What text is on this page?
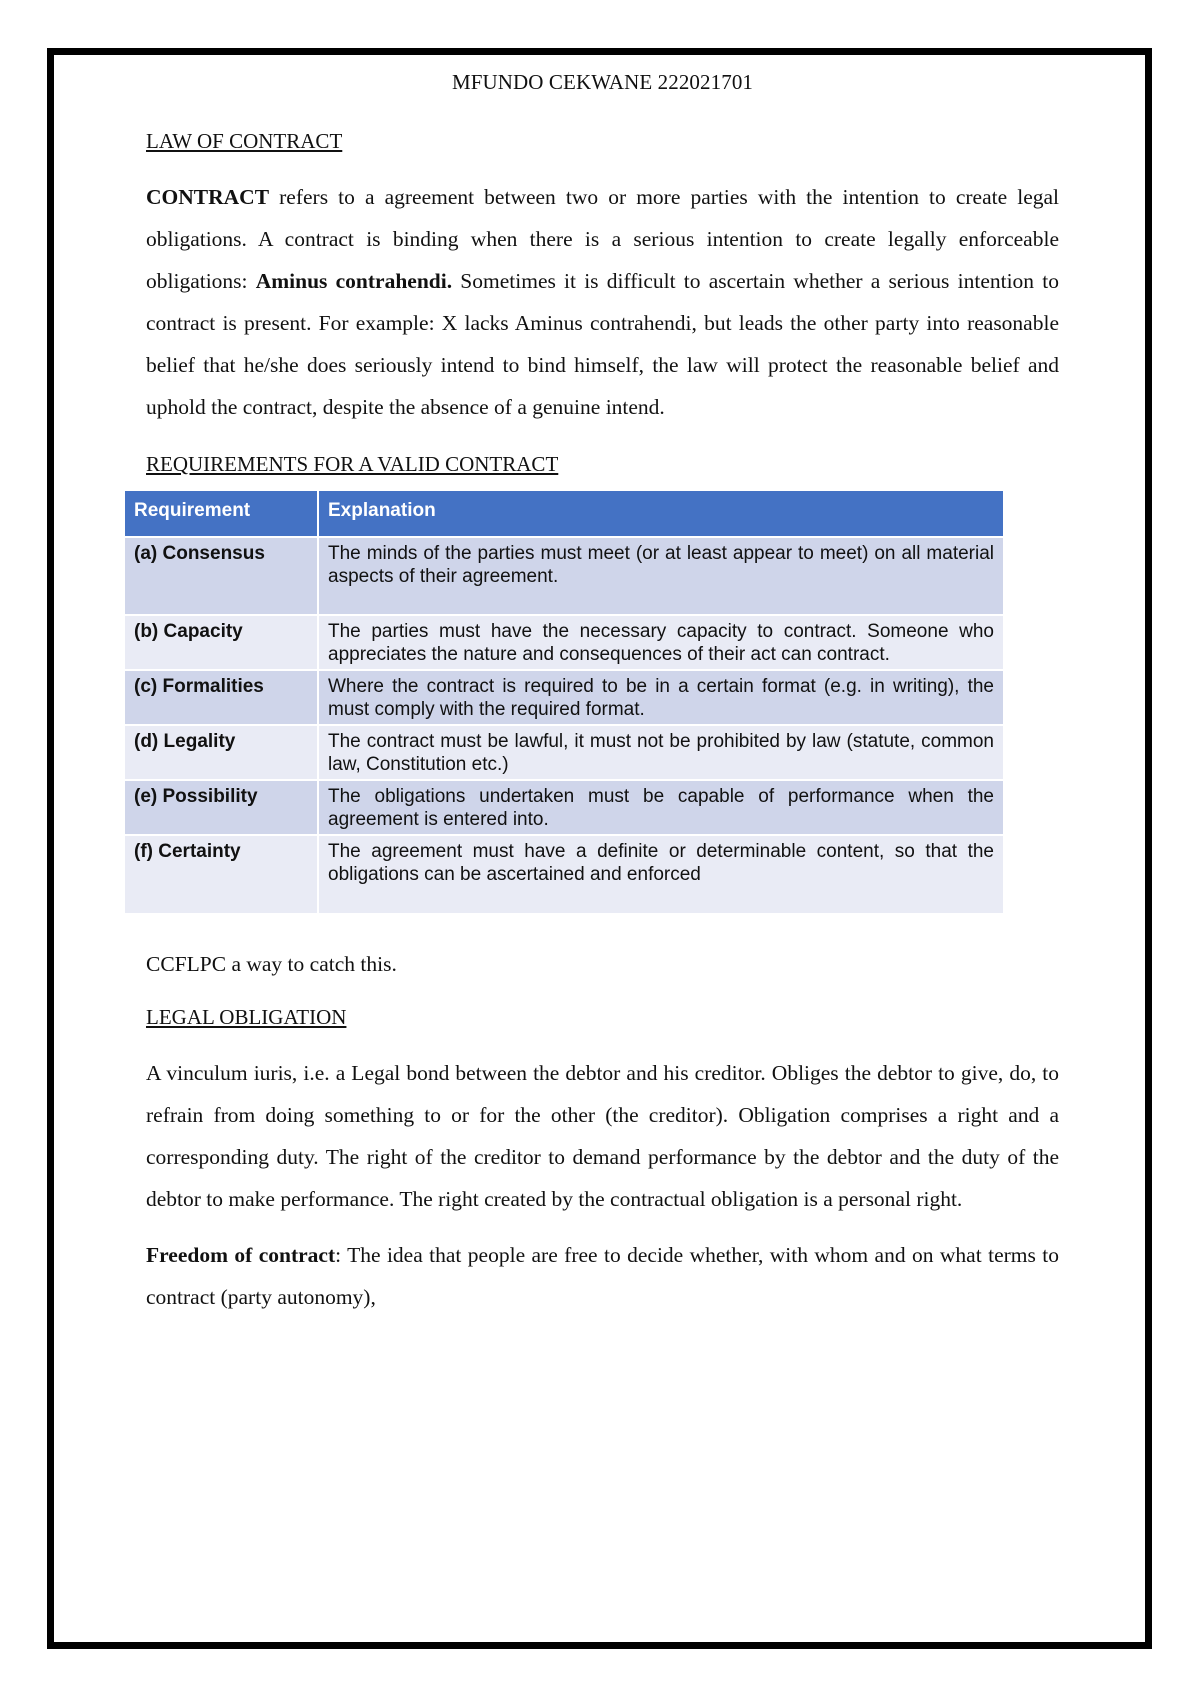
MFUNDO CEKWANE 222021701
LAW OF CONTRACT

CONTRACT refers to a agreement between two or more parties with the intention to create legal obligations. A contract is binding when there is a serious intention to create legally enforceable obligations: Aminus contrahendi. Sometimes it is difficult to ascertain whether a serious intention to contract is present. For example: X lacks Aminus contrahendi, but leads the other party into reasonable belief that he/she does seriously intend to bind himself, the law will protect the reasonable belief and uphold the contract, despite the absence of a genuine intend.

REQUIREMENTS FOR A VALID CONTRACT
Requirement	Explanation
(a) Consensus	The minds of the parties must meet (or at least appear to meet) on all material aspects of their agreement.
(b) Capacity	The parties must have the necessary capacity to contract. Someone who appreciates the nature and consequences of their act can contract.
(c) Formalities	Where the contract is required to be in a certain format (e.g. in writing), the must comply with the required format.
(d) Legality	The contract must be lawful, it must not be prohibited by law (statute, common law, Constitution etc.)
(e) Possibility	The obligations undertaken must be capable of performance when the agreement is entered into.
(f) Certainty	The agreement must have a definite or determinable content, so that the obligations can be ascertained and enforced

CCFLPC a way to catch this.

LEGAL OBLIGATION

A vinculum iuris, i.e. a Legal bond between the debtor and his creditor. Obliges the debtor to give, do, to refrain from doing something to or for the other (the creditor). Obligation comprises a right and a corresponding duty. The right of the creditor to demand performance by the debtor and the duty of the debtor to make performance. The right created by the contractual obligation is a personal right.

Freedom of contract: The idea that people are free to decide whether, with whom and on what terms to contract (party autonomy),
